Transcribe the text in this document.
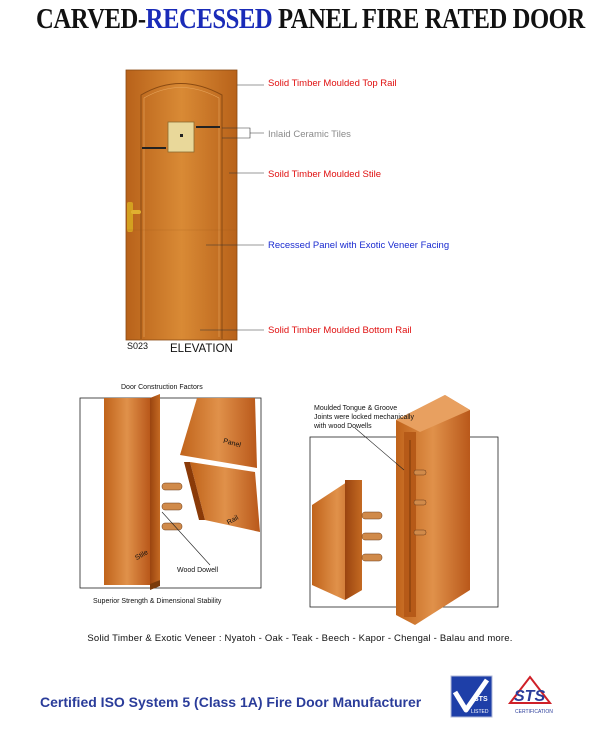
CARVED-RECESSED PANEL FIRE RATED DOOR
STS
LISTED
STS
CERTIFICATION
Solid Timber Moulded Top Rail
Inlaid Ceramic Tiles
Soild Timber Moulded Stile
Recessed Panel with Exotic Veneer Facing
Solid Timber Moulded Bottom Rail
S023 ELEVATION
Door Construction Factors
Panel
Rail
Stile
Wood Dowell
Superior Strength & Dimensional Stability
Moulded Tongue & Groove
Joints were locked mechanically
with wood Dowells
Solid Timber & Exotic Veneer : Nyatoh - Oak - Teak - Beech - Kapor - Chengal - Balau and more.
Certified ISO System 5 (Class 1A) Fire Door Manufacturer
